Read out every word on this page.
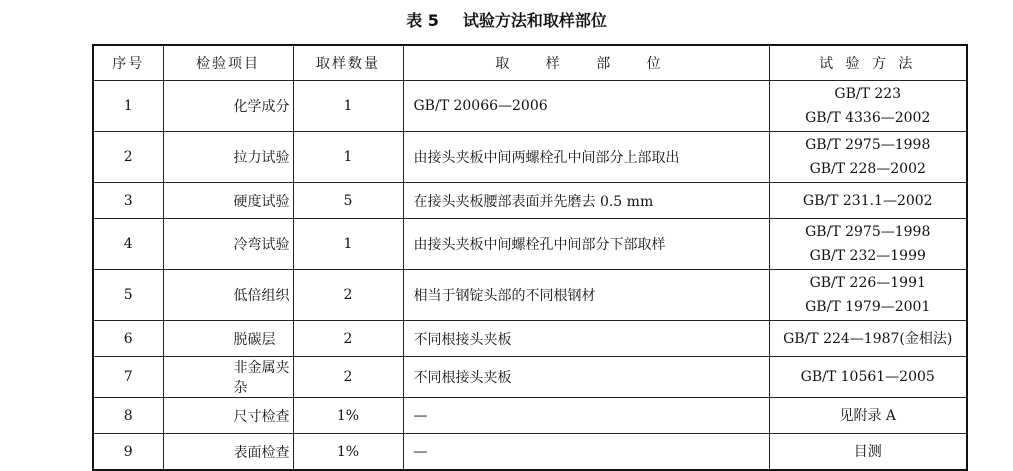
表 5 试验方法和取样部位
序号	检验项目	取样数量	取 样 部 位	试 验 方 法
1	化学成分	1	GB/T 20066—2006	GB/T 223
GB/T 4336—2002

2	拉力试验	1	由接头夹板中间两螺栓孔中间部分上部取出	GB/T 2975—1998
GB/T 228—2002

3	硬度试验	5	在接头夹板腰部表面并先磨去 0.5 mm	GB/T 231.1—2002

4	冷弯试验	1	由接头夹板中间螺栓孔中间部分下部取样	GB/T 2975—1998
GB/T 232—1999

5	低倍组织	2	相当于钢锭头部的不同根钢材	GB/T 226—1991
GB/T 1979—2001

6	脱碳层	2	不同根接头夹板	GB/T 224—1987(金相法)

7	非金属夹杂	2	不同根接头夹板	GB/T 10561—2005

8	尺寸检查	1%	—	见附录 A

9	表面检查	1%	—	目测
